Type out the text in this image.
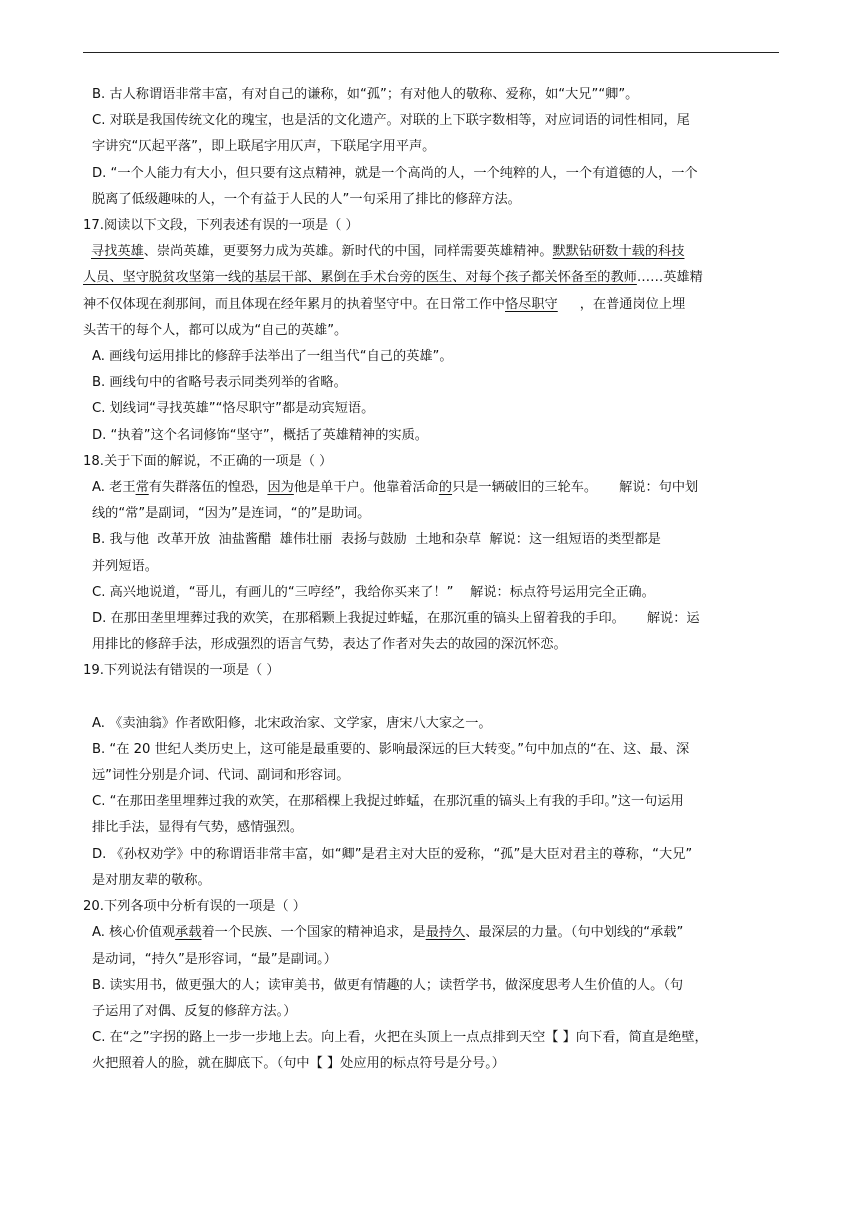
B. 古人称谓语非常丰富，有对自己的谦称，如“孤”；有对他人的敬称、爱称，如“大兄”“卿”。

C. 对联是我国传统文化的瑰宝，也是活的文化遗产。对联的上下联字数相等，对应词语的词性相同，尾

字讲究“仄起平落”，即上联尾字用仄声，下联尾字用平声。

D. “一个人能力有大小，但只要有这点精神，就是一个高尚的人，一个纯粹的人，一个有道德的人，一个

脱离了低级趣味的人，一个有益于人民的人”一句采用了排比的修辞方法。

17.阅读以下文段，下列表述有误的一项是（ ）

寻找英雄、崇尚英雄，更要努力成为英雄。新时代的中国，同样需要英雄精神。默默钻研数十载的科技

人员、坚守脱贫攻坚第一线的基层干部、累倒在手术台旁的医生、对每个孩子都关怀备至的教师……英雄精

神不仅体现在刹那间，而且体现在经年累月的执着坚守中。在日常工作中恪尽职守 ，在普通岗位上埋

头苦干的每个人，都可以成为“自己的英雄”。

A. 画线句运用排比的修辞手法举出了一组当代“自己的英雄”。

B. 画线句中的省略号表示同类列举的省略。

C. 划线词“寻找英雄”“恪尽职守”都是动宾短语。

D. “执着”这个名词修饰“坚守”，概括了英雄精神的实质。

18.关于下面的解说，不正确的一项是（ ）

A. 老王常有失群落伍的惶恐，因为他是单干户。他靠着活命的只是一辆破旧的三轮车。 解说：句中划

线的“常”是副词，“因为”是连词，“的”是助词。

B. 我与他  改革开放  油盐酱醋  雄伟壮丽  表扬与鼓励  土地和杂草  解说：这一组短语的类型都是

并列短语。

C. 高兴地说道，“哥儿，有画儿的“三哼经”，我给你买来了！”    解说：标点符号运用完全正确。

D. 在那田垄里埋葬过我的欢笑，在那稻颗上我捉过蚱蜢，在那沉重的镐头上留着我的手印。 解说：运

用排比的修辞手法，形成强烈的语言气势，表达了作者对失去的故园的深沉怀恋。

19.下列说法有错误的一项是（ ）

A. 《卖油翁》作者欧阳修，北宋政治家、文学家，唐宋八大家之一。

B. “在 20 世纪人类历史上，这可能是最重要的、影响最深远的巨大转变。”句中加点的“在、这、最、深

远”词性分别是介词、代词、副词和形容词。

C. “在那田垄里埋葬过我的欢笑，在那稻棵上我捉过蚱蜢，在那沉重的镐头上有我的手印。”这一句运用

排比手法，显得有气势，感情强烈。

D. 《孙权劝学》中的称谓语非常丰富，如“卿”是君主对大臣的爱称，“孤”是大臣对君主的尊称，“大兄”

是对朋友辈的敬称。

20.下列各项中分析有误的一项是（ ）

A. 核心价值观承载着一个民族、一个国家的精神追求，是最持久、最深层的力量。（句中划线的“承载”

是动词，“持久”是形容词，“最”是副词。）

B. 读实用书，做更强大的人；读审美书，做更有情趣的人；读哲学书，做深度思考人生价值的人。（句

子运用了对偶、反复的修辞方法。）

C. 在“之”字拐的路上一步一步地上去。向上看，火把在头顶上一点点排到天空【 】向下看，简直是绝壁，

火把照着人的脸，就在脚底下。（句中【 】处应用的标点符号是分号。）
